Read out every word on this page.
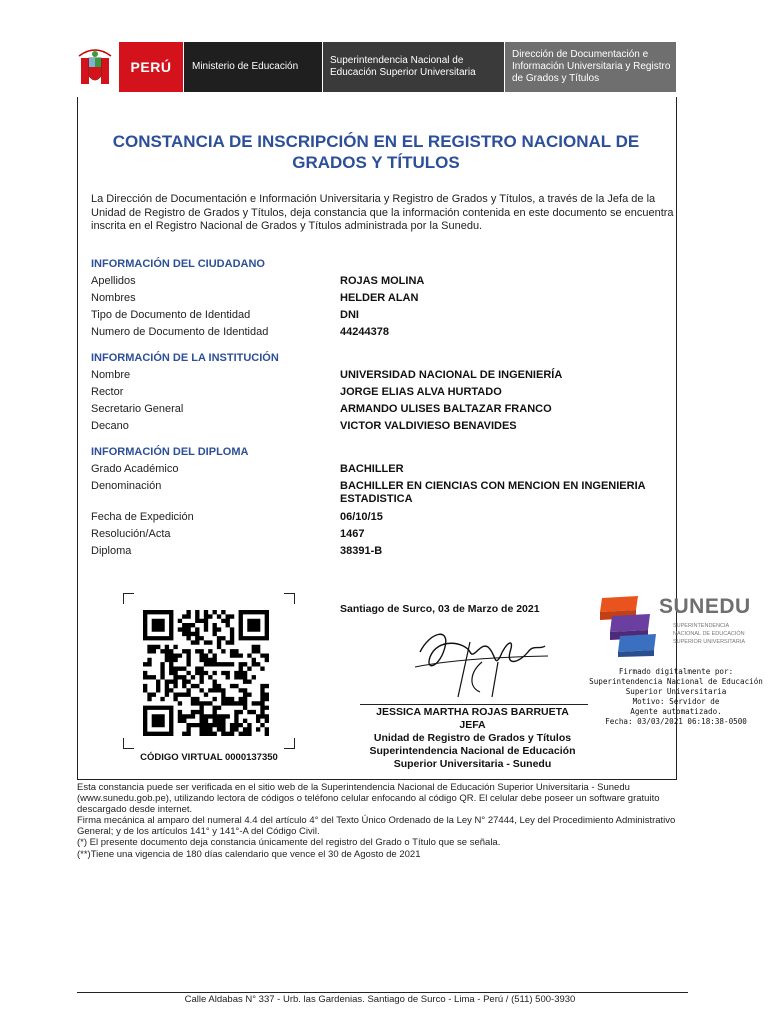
PERÚ	Ministerio de Educación
Superintendencia Nacional de Educación Superior Universitaria
Dirección de Documentación e Información Universitaria y Registro de Grados y Títulos
CONSTANCIA DE INSCRIPCIÓN EN EL REGISTRO NACIONAL DE GRADOS Y TÍTULOS
La Dirección de Documentación e Información Universitaria y Registro de Grados y Títulos, a través de la Jefa de la Unidad de Registro de Grados y Títulos, deja constancia que la información contenida en este documento se encuentra inscrita en el Registro Nacional de Grados y Títulos administrada por la Sunedu.
INFORMACIÓN DEL CIUDADANO
Apellidos	ROJAS MOLINA
Nombres	HELDER ALAN
Tipo de Documento de Identidad	DNI
Numero de Documento de Identidad	44244378
INFORMACIÓN DE LA INSTITUCIÓN
Nombre	UNIVERSIDAD NACIONAL DE INGENIERÍA
Rector	JORGE ELIAS ALVA HURTADO
Secretario General	ARMANDO ULISES BALTAZAR FRANCO
Decano	VICTOR VALDIVIESO BENAVIDES
INFORMACIÓN DEL DIPLOMA
Grado Académico	BACHILLER
Denominación	BACHILLER EN CIENCIAS CON MENCION EN INGENIERIA ESTADISTICA
Fecha de Expedición	06/10/15
Resolución/Acta	1467
Diploma	38391-B
CÓDIGO VIRTUAL 0000137350
Santiago de Surco, 03 de Marzo de 2021
JESSICA MARTHA ROJAS BARRUETA
JEFA
Unidad de Registro de Grados y Títulos
Superintendencia Nacional de Educación
Superior Universitaria - Sunedu
SUNEDU
SUPERINTENDENCIA
NACIONAL DE EDUCACIÓN
SUPERIOR UNIVERSITARIA
Firmado digitalmente por:
Superintendencia Nacional de Educación
Superior Universitaria
Motivo: Servidor de
Agente automatizado.
Fecha: 03/03/2021 06:18:38-0500
Esta constancia puede ser verificada en el sitio web de la Superintendencia Nacional de Educación Superior Universitaria - Sunedu (www.sunedu.gob.pe), utilizando lectora de códigos o teléfono celular enfocando al código QR. El celular debe poseer un software gratuito descargado desde internet.
Firma mecánica al amparo del numeral 4.4 del artículo 4° del Texto Único Ordenado de la Ley N° 27444, Ley del Procedimiento Administrativo General; y de los artículos 141° y 141°-A del Código Civil.
(*) El presente documento deja constancia únicamente del registro del Grado o Título que se señala.
(**)Tiene una vigencia de 180 días calendario que vence el 30 de Agosto de 2021
Calle Aldabas N° 337 - Urb. las Gardenias. Santiago de Surco - Lima - Perú / (511) 500-3930
